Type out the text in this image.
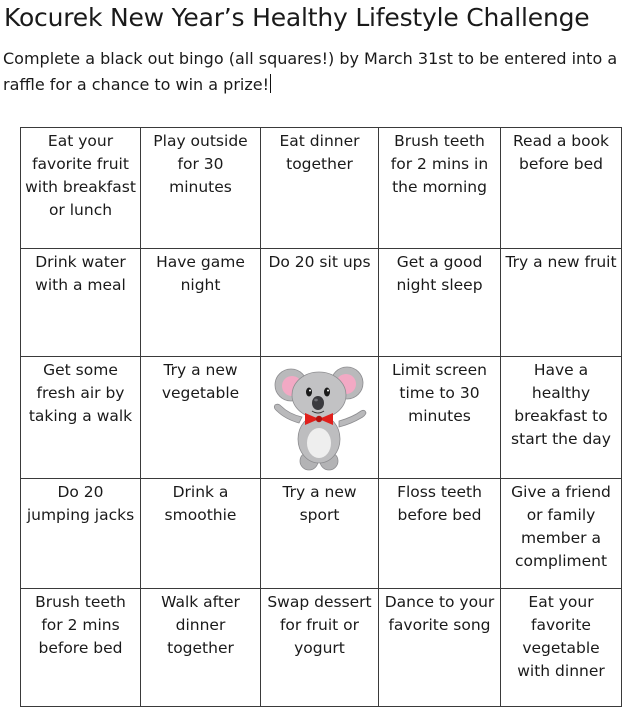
Kocurek New Year’s Healthy Lifestyle Challenge
Complete a black out bingo (all squares!) by March 31st to be entered into a raffle for a chance to win a prize!
Eat your favorite fruit with breakfast or lunch	Play outside for 30 minutes	Eat dinner together	Brush teeth for 2 mins in the morning	Read a book before bed

Drink water with a meal	Have game night	Do 20 sit ups	Get a good night sleep	Try a new fruit

Get some fresh air by taking a walk	Try a new vegetable		Limit screen time to 30 minutes	Have a healthy breakfast to start the day

Do 20 jumping jacks	Drink a smoothie	Try a new sport	Floss teeth before bed	Give a friend or family member a compliment

Brush teeth for 2 mins before bed	Walk after dinner together	Swap dessert for fruit or yogurt	Dance to your favorite song	Eat your favorite vegetable with dinner
